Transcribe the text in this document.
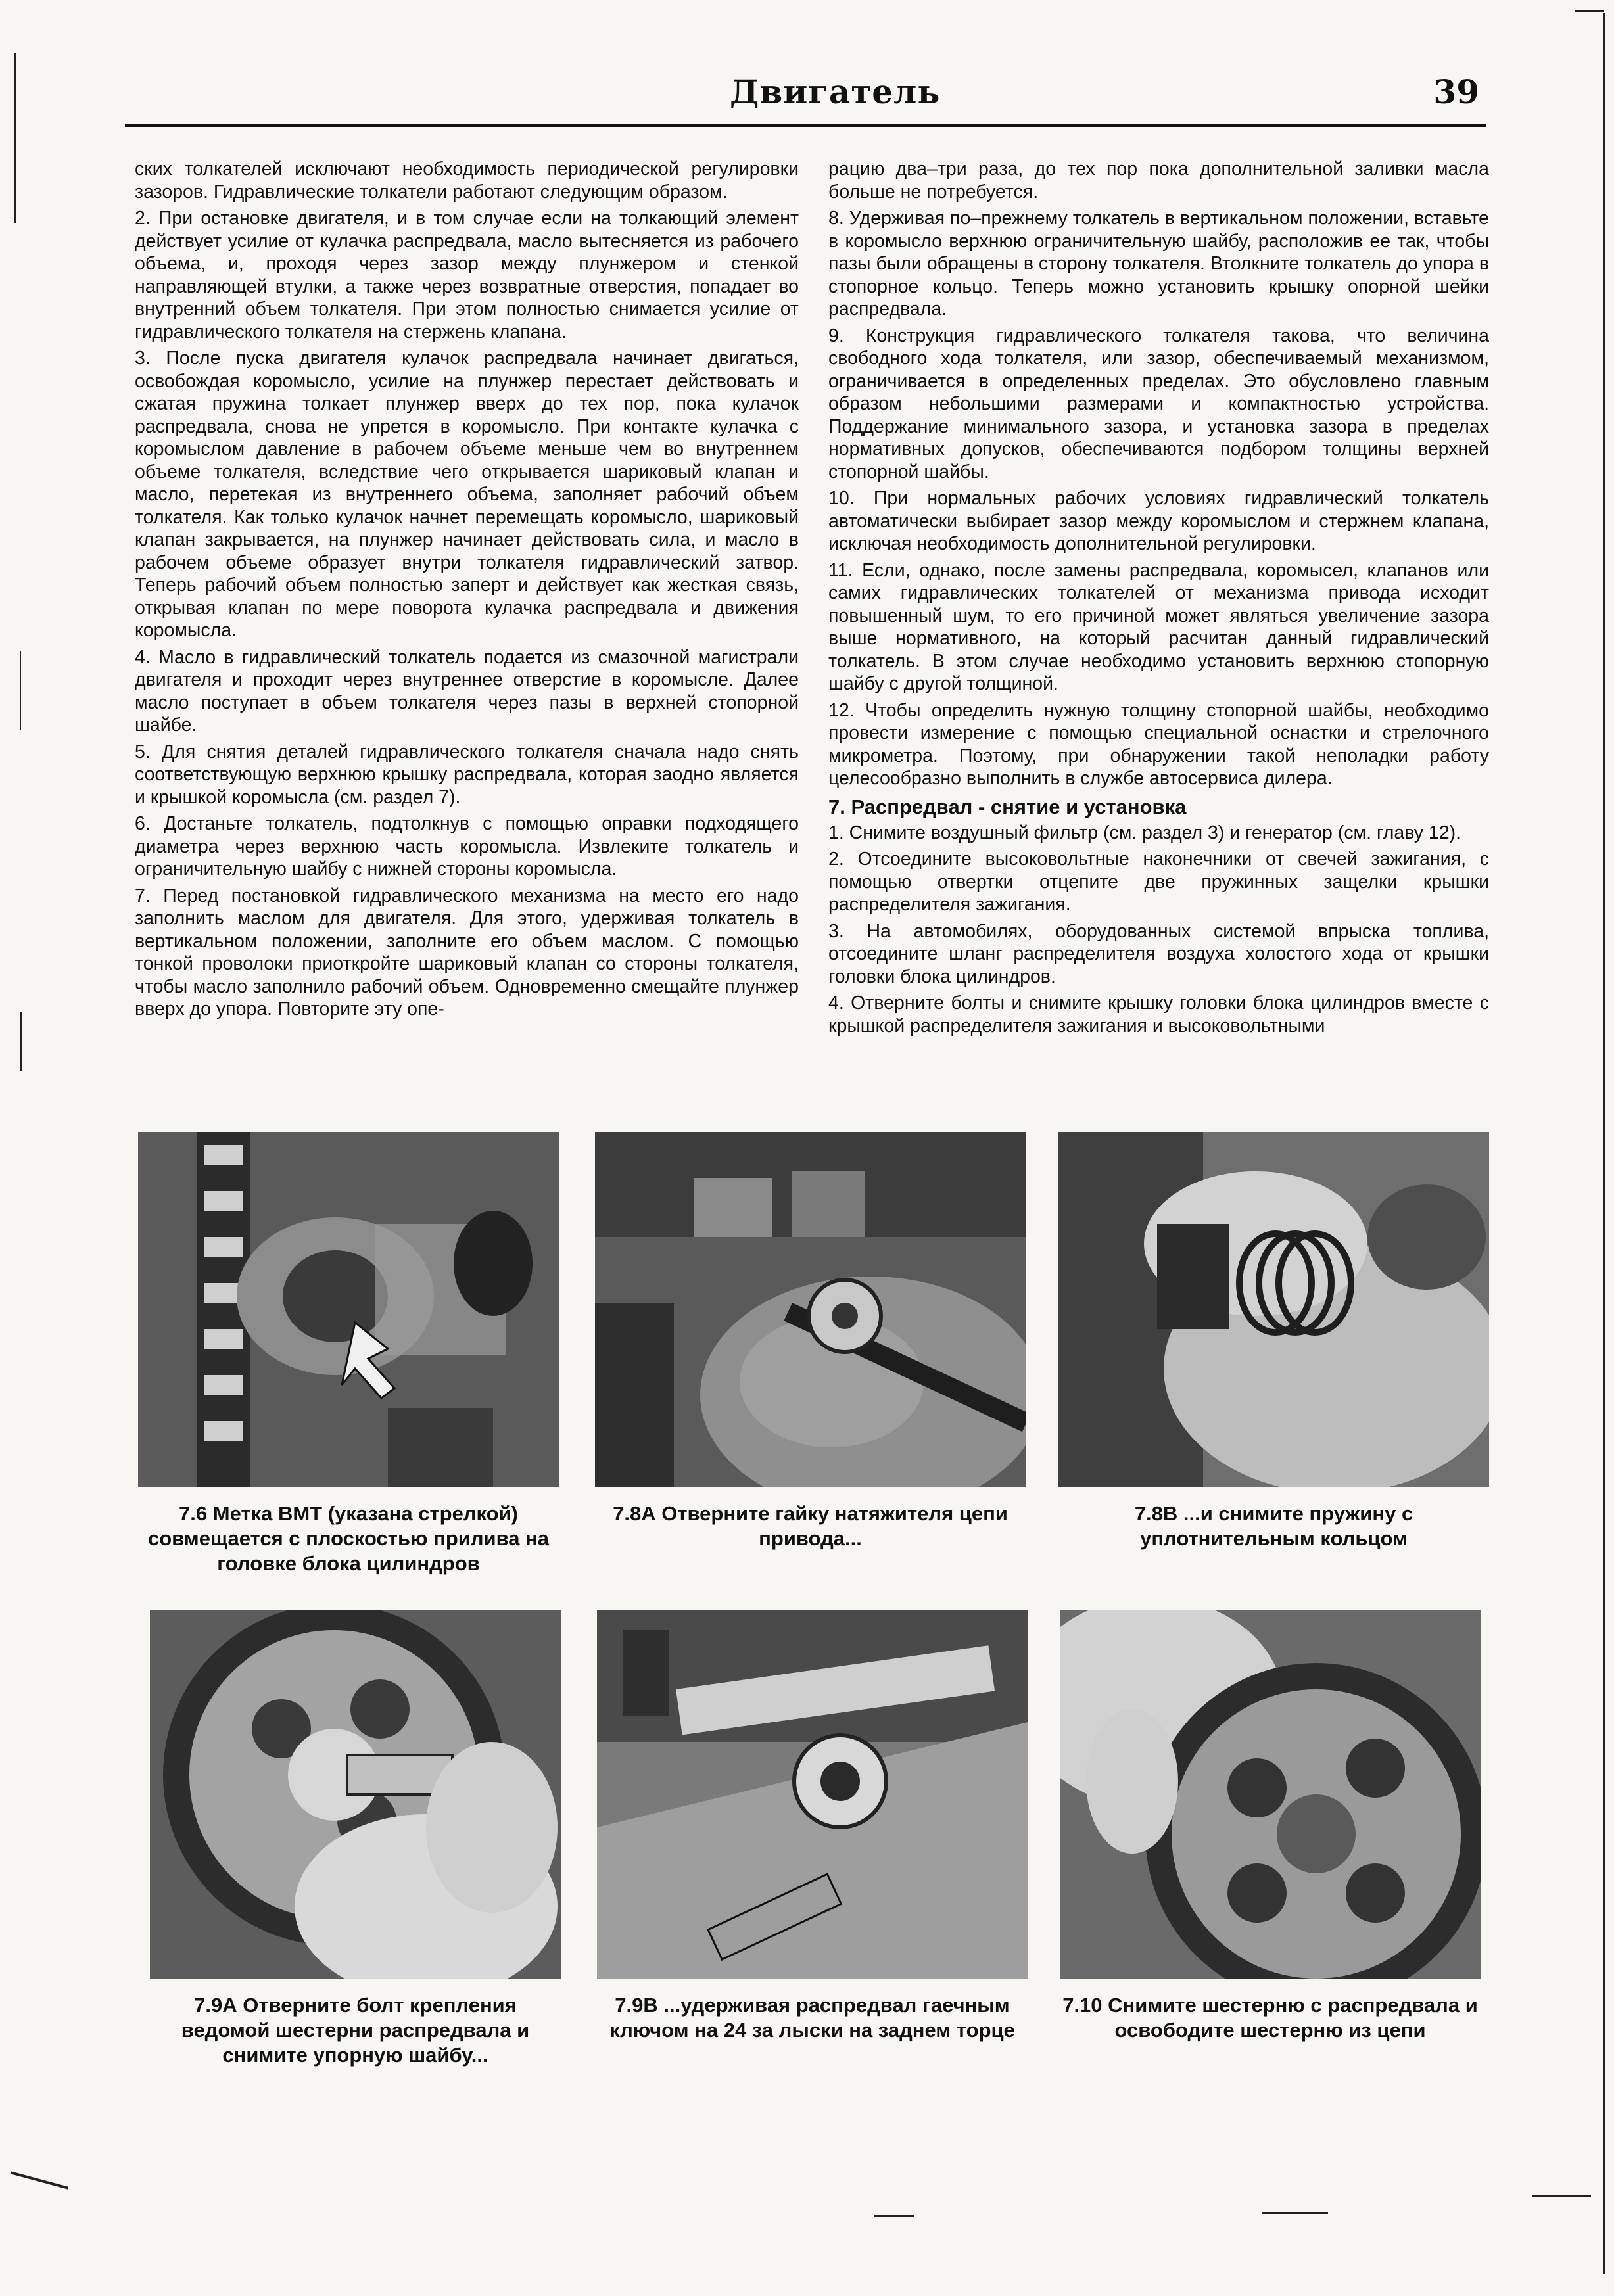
Двигатель	39

ских толкателей исключают необходимость периодической регулировки зазоров. Гидравлические толкатели работают следующим образом.

2. При остановке двигателя, и в том случае если на толкающий элемент действует усилие от кулачка распредвала, масло вытесняется из рабочего объема, и, проходя через зазор между плунжером и стенкой направляющей втулки, а также через возвратные отверстия, попадает во внутренний объем толкателя. При этом полностью снимается усилие от гидравлического толкателя на стержень клапана.

3. После пуска двигателя кулачок распредвала начинает двигаться, освобождая коромысло, усилие на плунжер перестает действовать и сжатая пружина толкает плунжер вверх до тех пор, пока кулачок распредвала, снова не упрется в коромысло. При контакте кулачка с коромыслом давление в рабочем объеме меньше чем во внутреннем объеме толкателя, вследствие чего открывается шариковый клапан и масло, перетекая из внутреннего объема, заполняет рабочий объем толкателя. Как только кулачок начнет перемещать коромысло, шариковый клапан закрывается, на плунжер начинает действовать сила, и масло в рабочем объеме образует внутри толкателя гидравлический затвор. Теперь рабочий объем полностью заперт и действует как жесткая связь, открывая клапан по мере поворота кулачка распредвала и движения коромысла.

4. Масло в гидравлический толкатель подается из смазочной магистрали двигателя и проходит через внутреннее отверстие в коромысле. Далее масло поступает в объем толкателя через пазы в верхней стопорной шайбе.

5. Для снятия деталей гидравлического толкателя сначала надо снять соответствующую верхнюю крышку распредвала, которая заодно является и крышкой коромысла (см. раздел 7).

6. Достаньте толкатель, подтолкнув с помощью оправки подходящего диаметра через верхнюю часть коромысла. Извлеките толкатель и ограничительную шайбу с нижней стороны коромысла.

7. Перед постановкой гидравлического механизма на место его надо заполнить маслом для двигателя. Для этого, удерживая толкатель в вертикальном положении, заполните его объем маслом. С помощью тонкой проволоки приоткройте шариковый клапан со стороны толкателя, чтобы масло заполнило рабочий объем. Одновременно смещайте плунжер вверх до упора. Повторите эту опе-

рацию два–три раза, до тех пор пока дополнительной заливки масла больше не потребуется.

8. Удерживая по–прежнему толкатель в вертикальном положении, вставьте в коромысло верхнюю ограничительную шайбу, расположив ее так, чтобы пазы были обращены в сторону толкателя. Втолкните толкатель до упора в стопорное кольцо. Теперь можно установить крышку опорной шейки распредвала.

9. Конструкция гидравлического толкателя такова, что величина свободного хода толкателя, или зазор, обеспечиваемый механизмом, ограничивается в определенных пределах. Это обусловлено главным образом небольшими размерами и компактностью устройства. Поддержание минимального зазора, и установка зазора в пределах нормативных допусков, обеспечиваются подбором толщины верхней стопорной шайбы.

10. При нормальных рабочих условиях гидравлический толкатель автоматически выбирает зазор между коромыслом и стержнем клапана, исключая необходимость дополнительной регулировки.

11. Если, однако, после замены распредвала, коромысел, клапанов или самих гидравлических толкателей от механизма привода исходит повышенный шум, то его причиной может являться увеличение зазора выше нормативного, на который расчитан данный гидравлический толкатель. В этом случае необходимо установить верхнюю стопорную шайбу с другой толщиной.

12. Чтобы определить нужную толщину стопорной шайбы, необходимо провести измерение с помощью специальной оснастки и стрелочного микрометра. Поэтому, при обнаружении такой неполадки работу целесообразно выполнить в службе автосервиса дилера.

7. Распредвал - снятие и установка

1. Снимите воздушный фильтр (см. раздел 3) и генератор (см. главу 12).

2. Отсоедините высоковольтные наконечники от свечей зажигания, с помощью отвертки отцепите две пружинных защелки крышки распределителя зажигания.

3. На автомобилях, оборудованных системой впрыска топлива, отсоедините шланг распределителя воздуха холостого хода от крышки головки блока цилиндров.

4. Отверните болты и снимите крышку головки блока цилиндров вместе с крышкой распределителя зажигания и высоковольтными

7.6 Метка ВМТ (указана стрелкой) совмещается с плоскостью прилива на головке блока цилиндров
7.8А Отверните гайку натяжителя цепи привода...
7.8В ...и снимите пружину с уплотнительным кольцом
7.9А Отверните болт крепления ведомой шестерни распредвала и снимите упорную шайбу...
7.9В ...удерживая распредвал гаечным ключом на 24 за лыски на заднем торце
7.10 Снимите шестерню с распредвала и освободите шестерню из цепи
